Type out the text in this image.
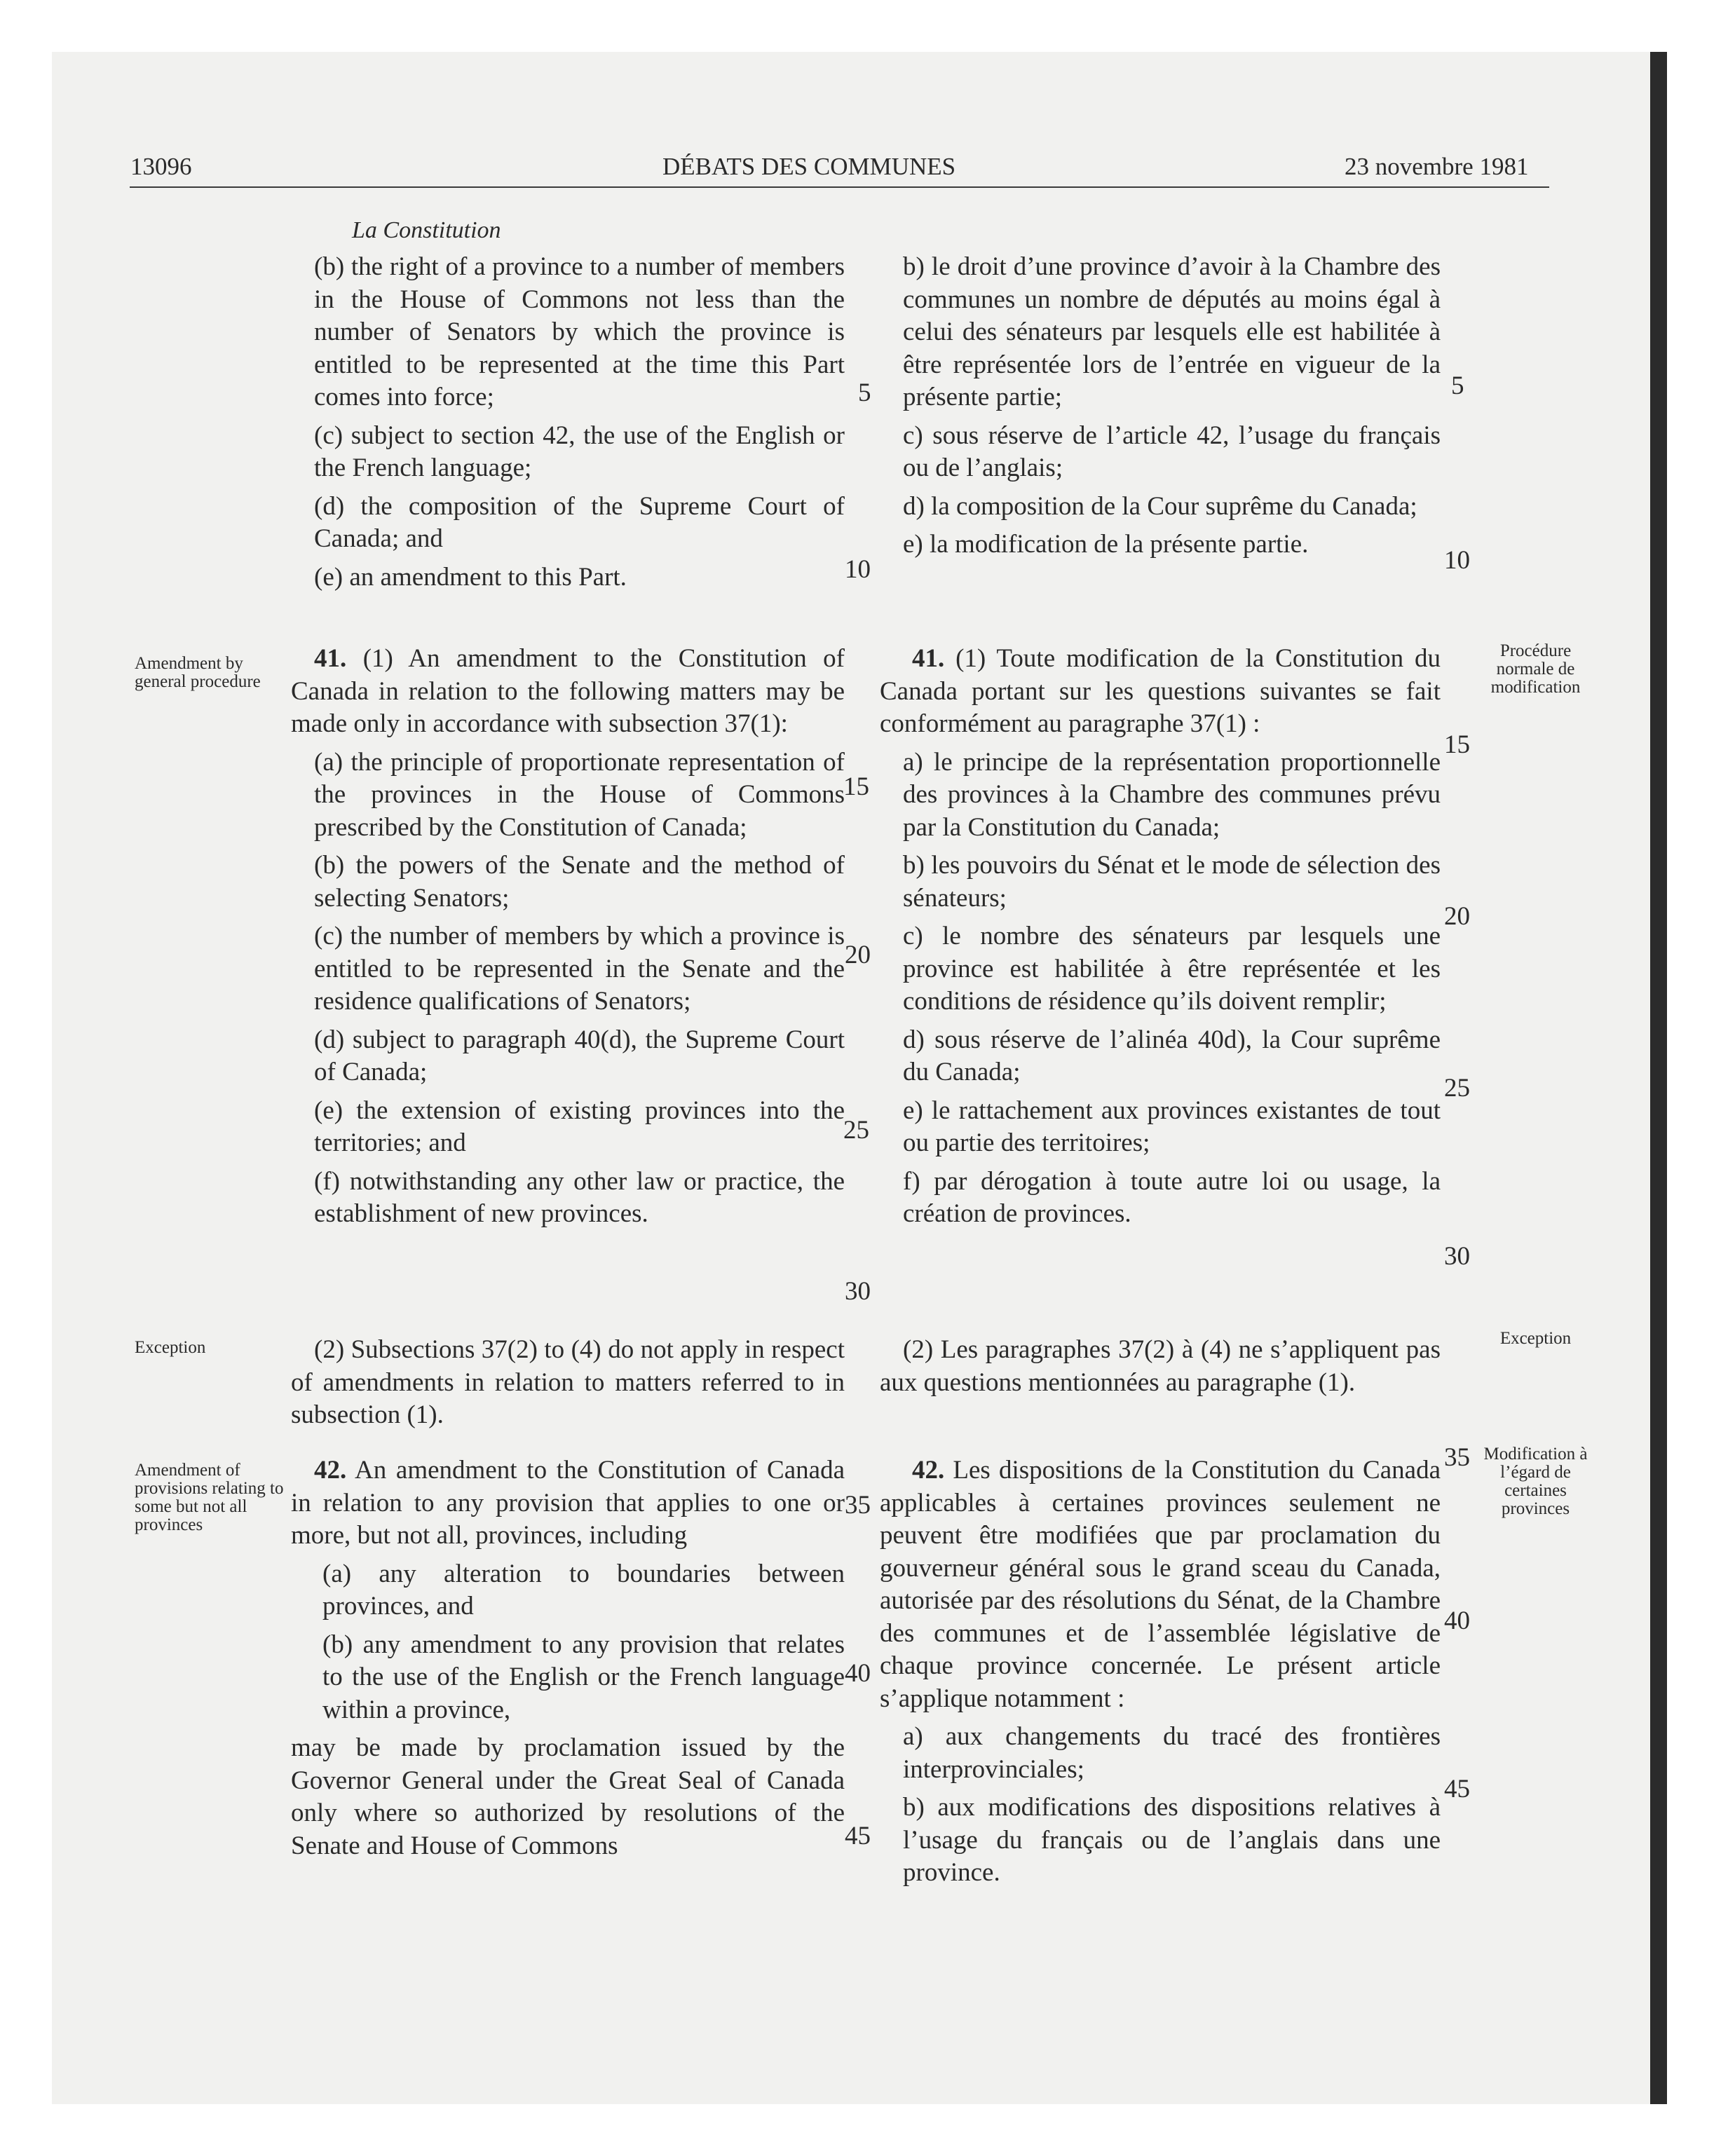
13096	DÉBATS DES COMMUNES	23 novembre 1981
La Constitution
(b) the right of a province to a number of members in the House of Commons not less than the number of Senators by which the province is entitled to be represented at the time this Part comes into force;
(c) subject to section 42, the use of the English or the French language;
(d) the composition of the Supreme Court of Canada; and
(e) an amendment to this Part.
41. (1) An amendment to the Constitution of Canada in relation to the following matters may be made only in accordance with subsection 37(1):
(a) the principle of proportionate representation of the provinces in the House of Commons prescribed by the Constitution of Canada;
(b) the powers of the Senate and the method of selecting Senators;
(c) the number of members by which a province is entitled to be represented in the Senate and the residence qualifications of Senators;
(d) subject to paragraph 40(d), the Supreme Court of Canada;
(e) the extension of existing provinces into the territories; and
(f) notwithstanding any other law or practice, the establishment of new provinces.
(2) Subsections 37(2) to (4) do not apply in respect of amendments in relation to matters referred to in subsection (1).
42. An amendment to the Constitution of Canada in relation to any provision that applies to one or more, but not all, provinces, including
(a) any alteration to boundaries between provinces, and
(b) any amendment to any provision that relates to the use of the English or the French language within a province,
may be made by proclamation issued by the Governor General under the Great Seal of Canada only where so authorized by resolutions of the Senate and House of Commons
b) le droit d’une province d’avoir à la Chambre des communes un nombre de députés au moins égal à celui des sénateurs par lesquels elle est habilitée à être représentée lors de l’entrée en vigueur de la présente partie;
c) sous réserve de l’article 42, l’usage du français ou de l’anglais;
d) la composition de la Cour suprême du Canada;
e) la modification de la présente partie.
41. (1) Toute modification de la Constitution du Canada portant sur les questions suivantes se fait conformément au paragraphe 37(1) :
a) le principe de la représentation proportionnelle des provinces à la Chambre des communes prévu par la Constitution du Canada;
b) les pouvoirs du Sénat et le mode de sélection des sénateurs;
c) le nombre des sénateurs par lesquels une province est habilitée à être représentée et les conditions de résidence qu’ils doivent remplir;
d) sous réserve de l’alinéa 40d), la Cour suprême du Canada;
e) le rattachement aux provinces existantes de tout ou partie des territoires;
f) par dérogation à toute autre loi ou usage, la création de provinces.
(2) Les paragraphes 37(2) à (4) ne s’appliquent pas aux questions mentionnées au paragraphe (1).
42. Les dispositions de la Constitution du Canada applicables à certaines provinces seulement ne peuvent être modifiées que par proclamation du gouverneur général sous le grand sceau du Canada, autorisée par des résolutions du Sénat, de la Chambre des communes et de l’assemblée législative de chaque province concernée. Le présent article s’applique notamment :
a) aux changements du tracé des frontières interprovinciales;
b) aux modifications des dispositions relatives à l’usage du français ou de l’anglais dans une province.
Amendment by general procedure
Exception
Amendment of provisions relating to some but not all provinces
Procédure normale de modification
Exception
Modification à l’égard de certaines provinces
5
10
15
20
25
30
35
40
45
5
10
15
20
25
30
35
40
45
